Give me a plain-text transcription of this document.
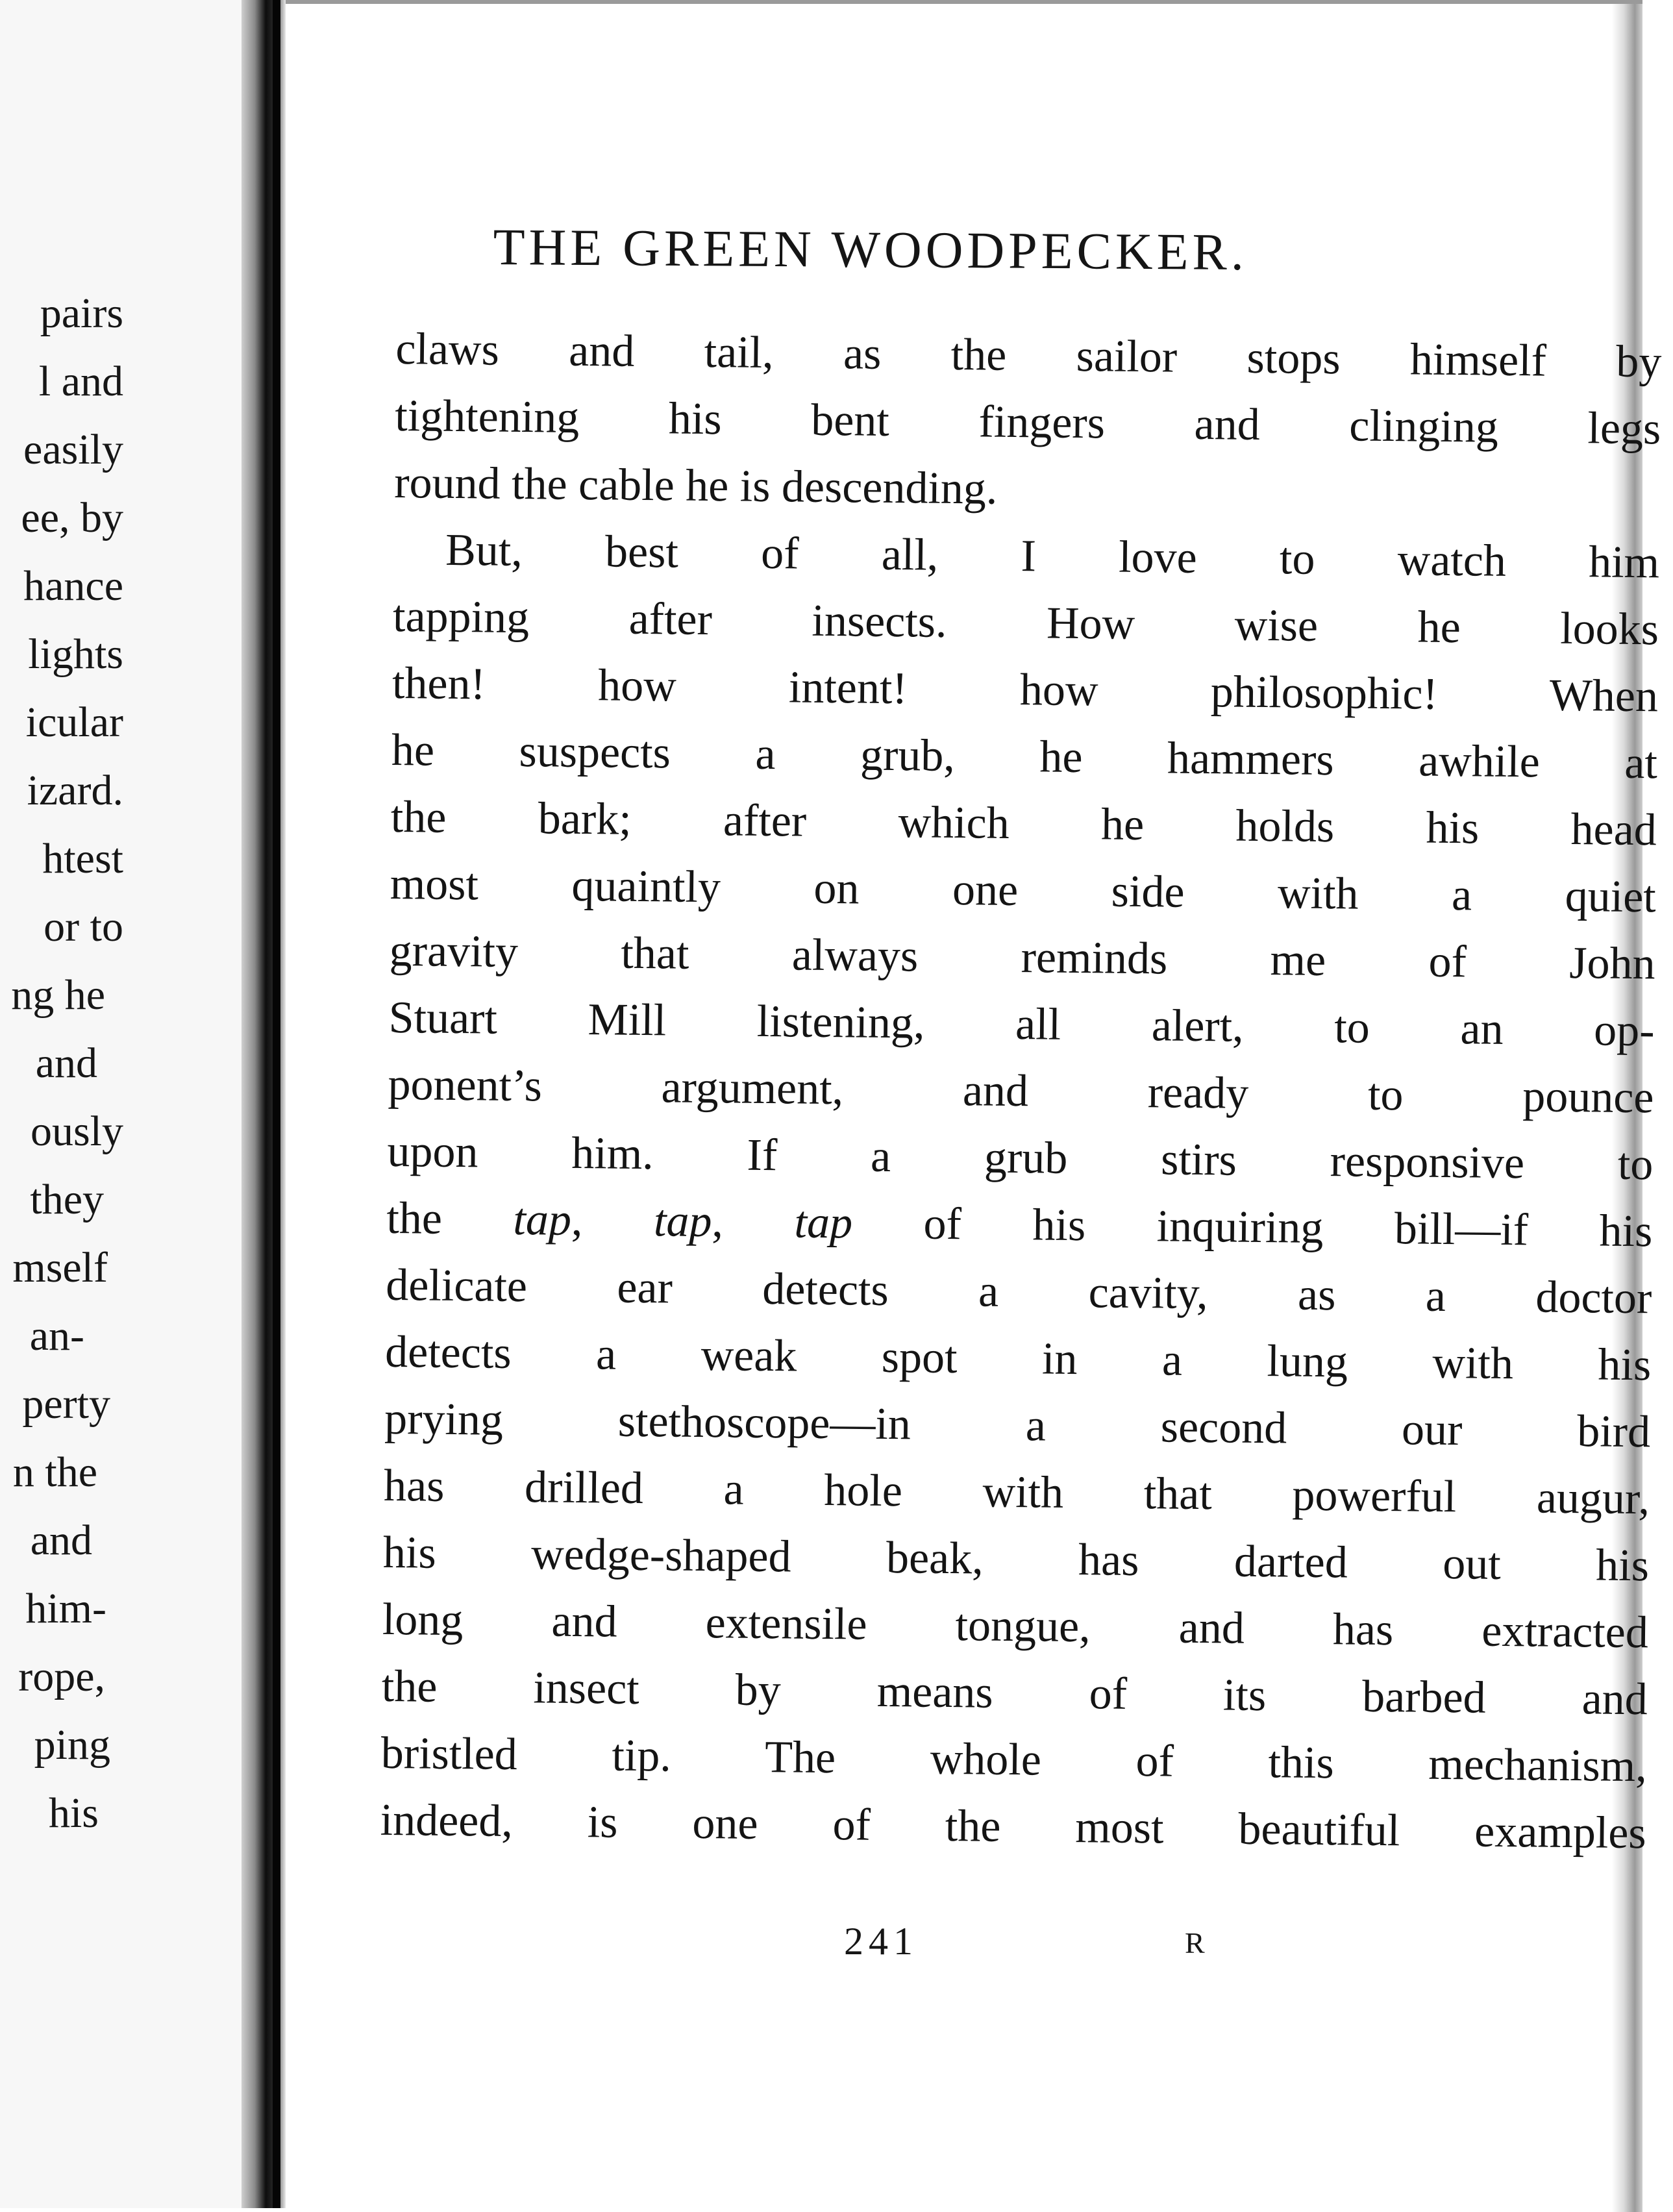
pairs
l and
easily
ee, by
hance
lights
icular
izard.
htest
or to
ng he
and
ously
they
mself
an-
perty
n the
and
him-
rope,
ping
his
THE GREEN WOODPECKER.
claws and tail, as the sailor stops himself by
tightening his bent fingers and clinging legs
round the cable he is descending.
But, best of all, I love to watch him
tapping after insects. How wise he looks
then! how intent! how philosophic! When
he suspects a grub, he hammers awhile at
the bark; after which he holds his head
most quaintly on one side with a quiet
gravity that always reminds me of John
Stuart Mill listening, all alert, to an op-
ponent’s argument, and ready to pounce
upon him. If a grub stirs responsive to
the tap, tap, tap of his inquiring bill—if his
delicate ear detects a cavity, as a doctor
detects a weak spot in a lung with his
prying stethoscope—in a second our bird
has drilled a hole with that powerful augur,
his wedge-shaped beak, has darted out his
long and extensile tongue, and has extracted
the insect by means of its barbed and
bristled tip. The whole of this mechanism,
indeed, is one of the most beautiful examples
241	R
